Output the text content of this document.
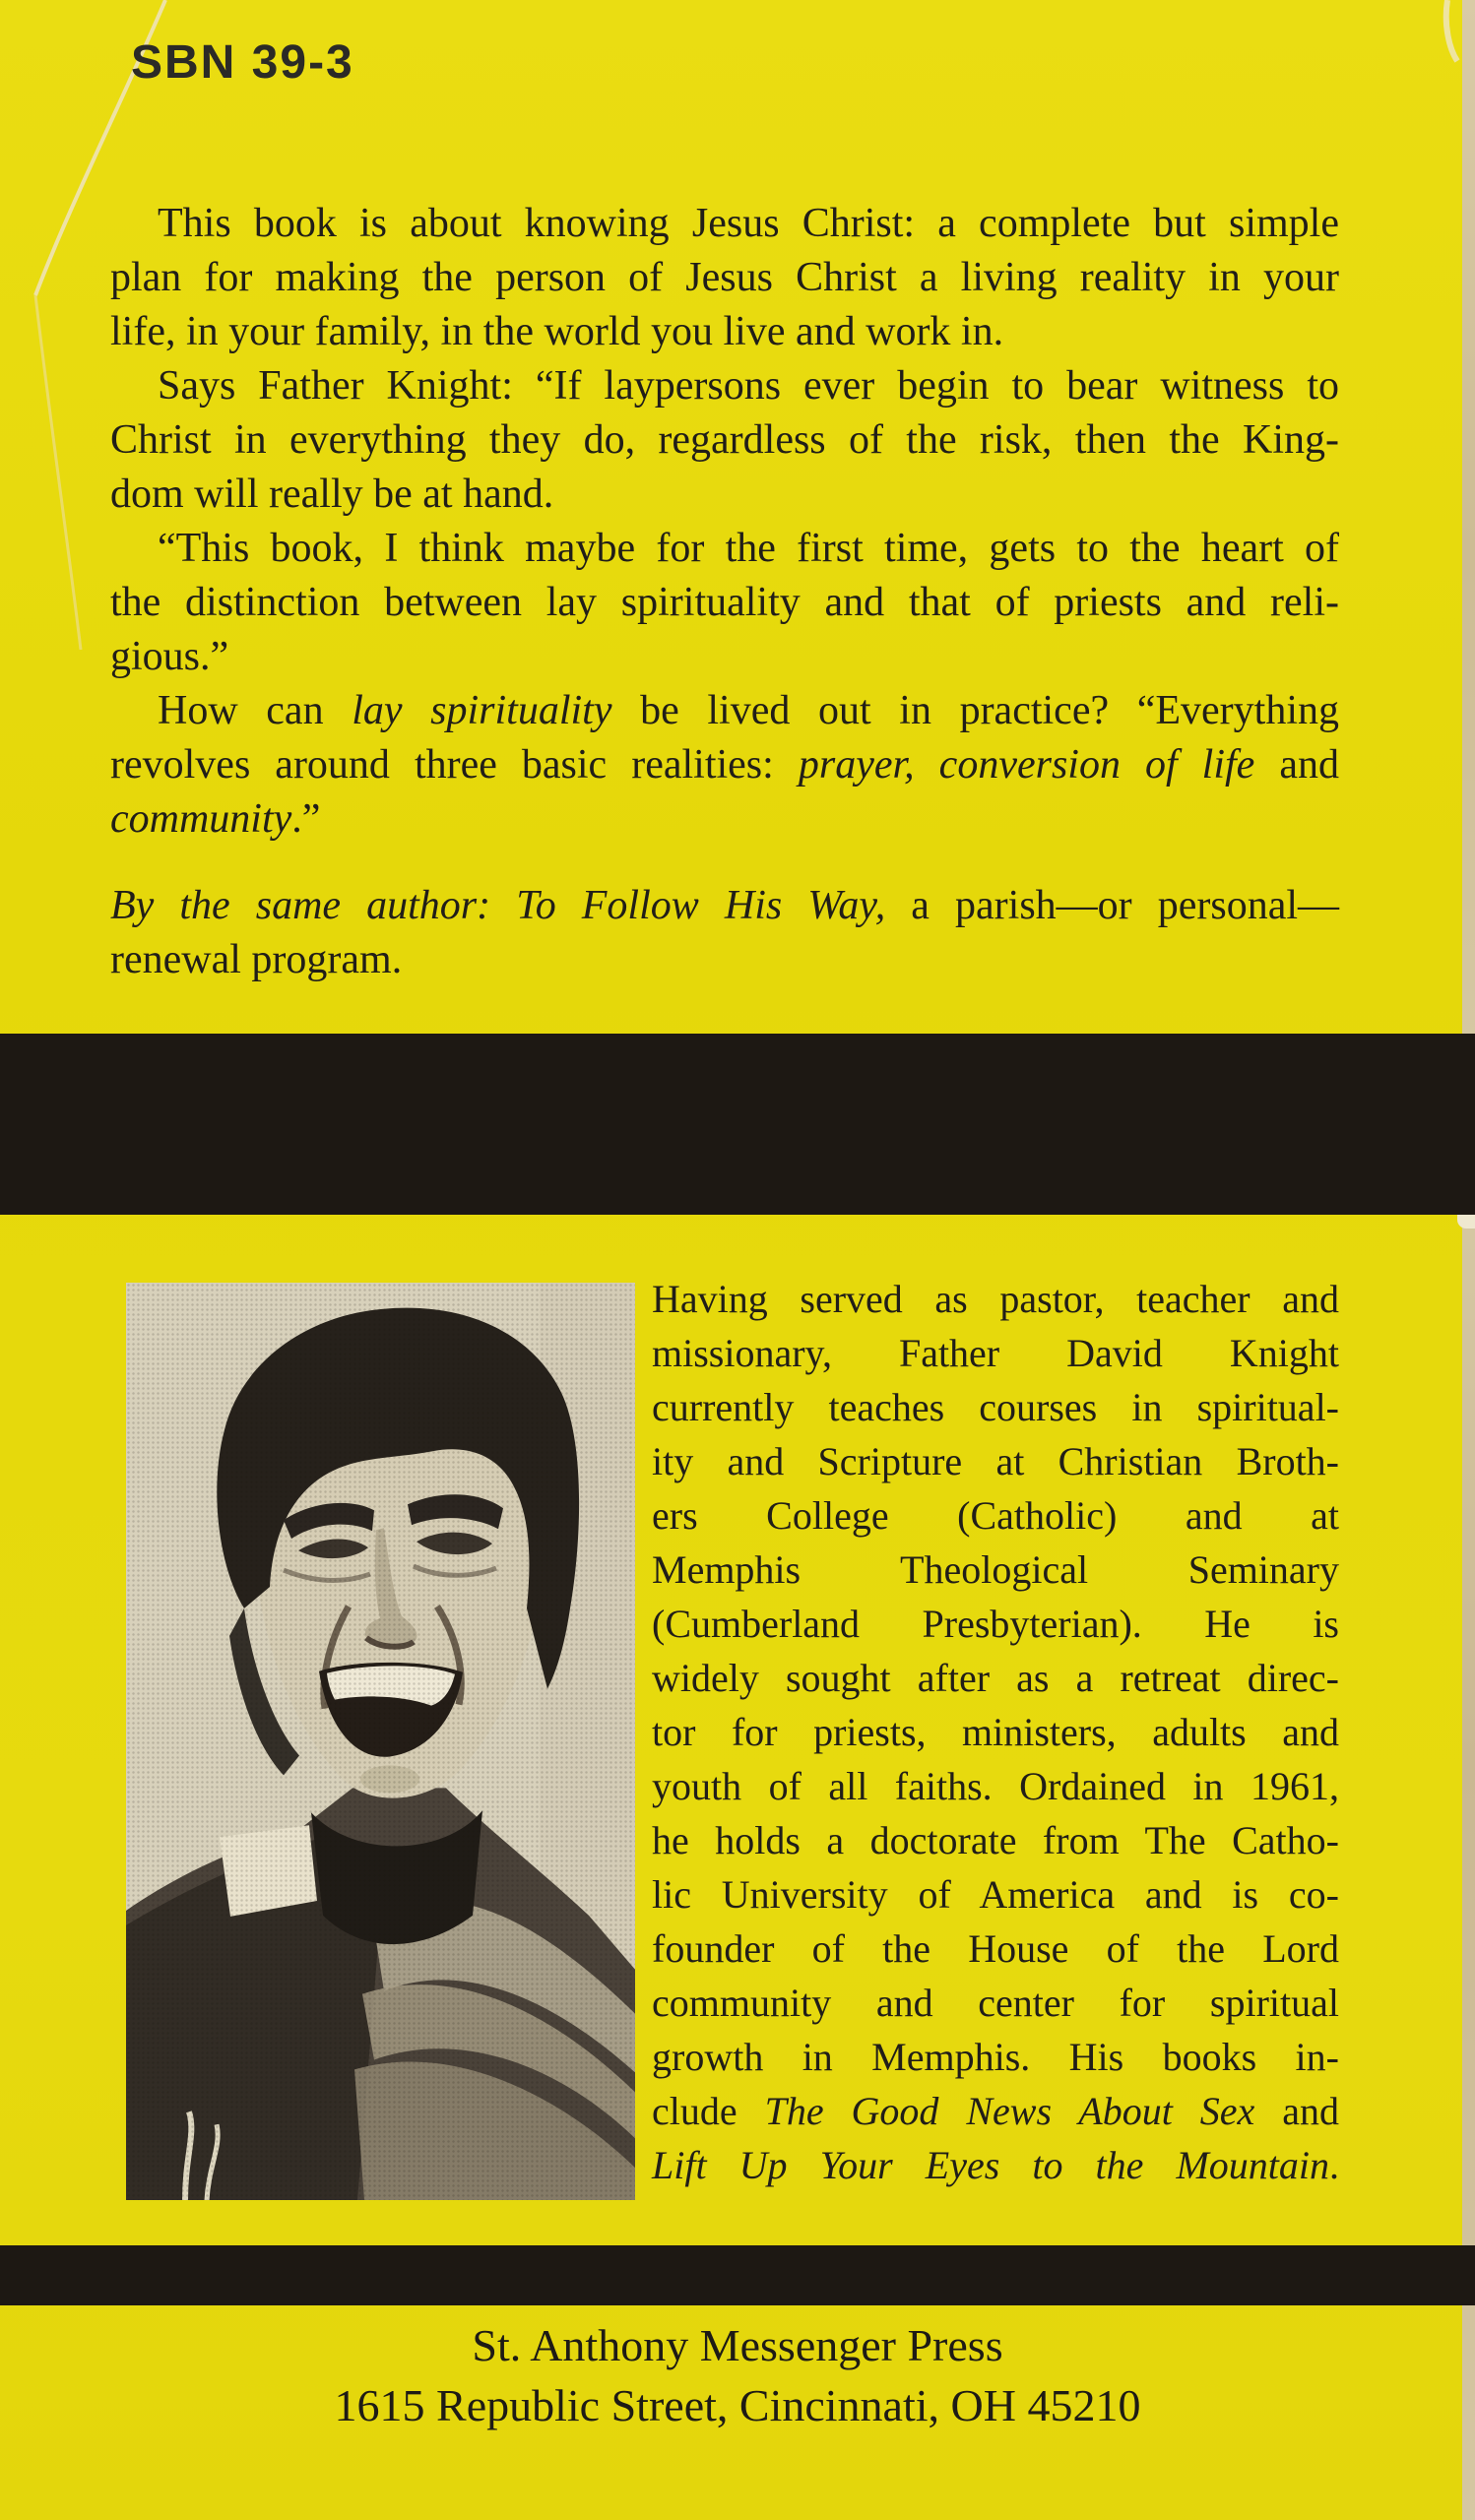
SBN 39-3
This book is about knowing Jesus Christ: a complete but simple
plan for making the person of Jesus Christ a living reality in your
life, in your family, in the world you live and work in.
Says Father Knight: “If laypersons ever begin to bear witness to
Christ in everything they do, regardless of the risk, then the King-
dom will really be at hand.
“This book, I think maybe for the first time, gets to the heart of
the distinction between lay spirituality and that of priests and reli-
gious.”
How can lay spirituality be lived out in practice? “Everything
revolves around three basic realities: prayer, conversion of life and
community.”
By the same author: To Follow His Way, a parish—or personal—
renewal program.
Having served as pastor, teacher and
missionary, Father David Knight
currently teaches courses in spiritual-
ity and Scripture at Christian Broth-
ers College (Catholic) and at
Memphis Theological Seminary
(Cumberland Presbyterian). He is
widely sought after as a retreat direc-
tor for priests, ministers, adults and
youth of all faiths. Ordained in 1961,
he holds a doctorate from The Catho-
lic University of America and is co-
founder of the House of the Lord
community and center for spiritual
growth in Memphis. His books in-
clude The Good News About Sex and
Lift Up Your Eyes to the Mountain.
St. Anthony Messenger Press
1615 Republic Street, Cincinnati, OH 45210
